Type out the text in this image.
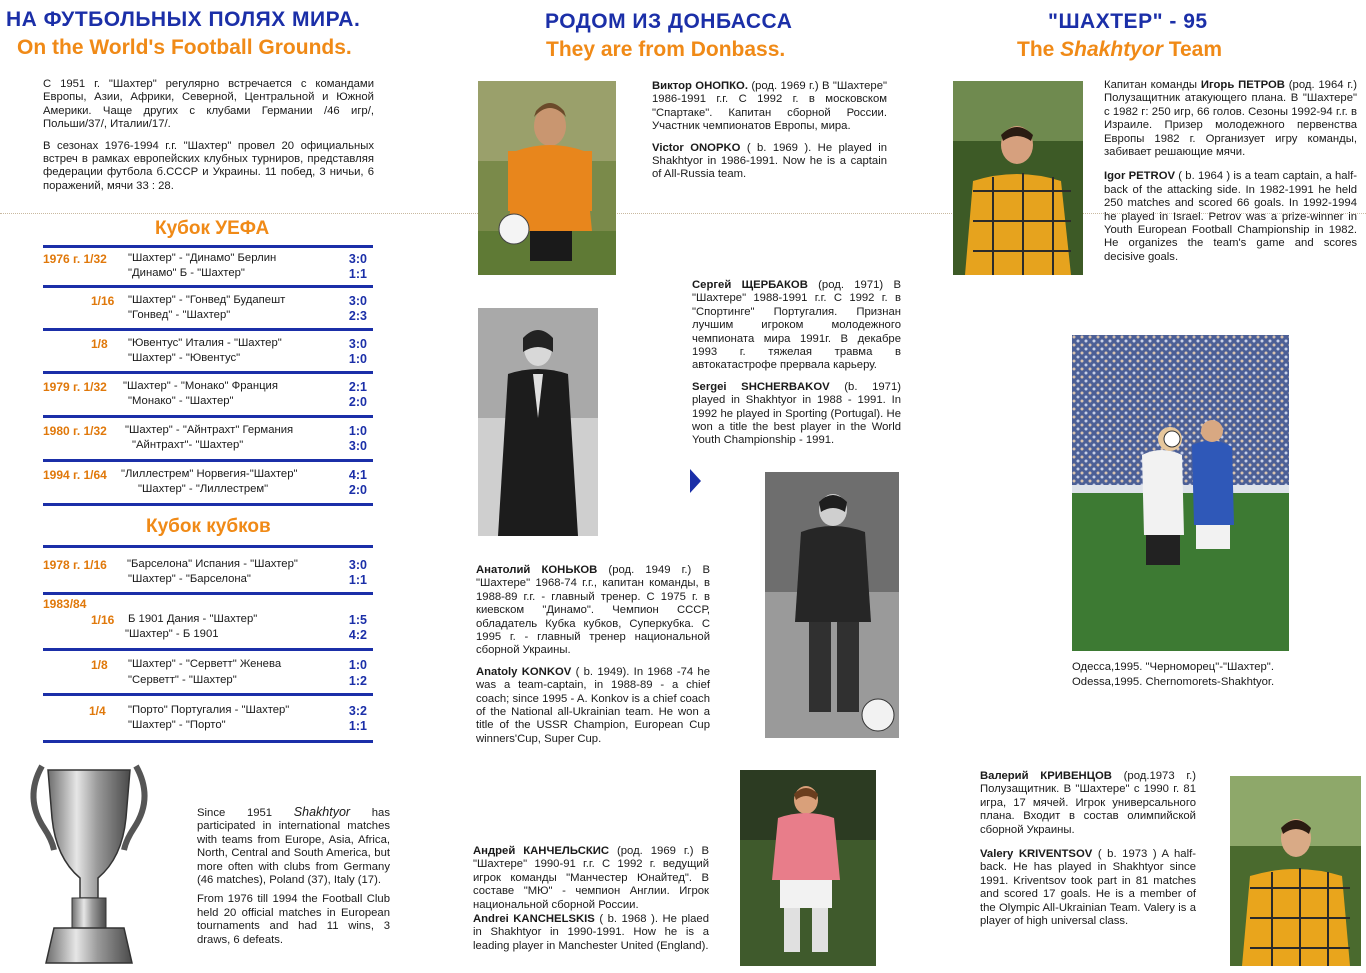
НА ФУТБОЛЬНЫХ ПОЛЯХ МИРА.
On the World's Football Grounds.

С 1951 г. "Шахтер" регулярно встречается с командами Европы, Азии, Африки, Северной, Центральной и Южной Америки. Чаще других с клубами Германии /46 игр/, Польши/37/, Италии/17/.

В сезонах 1976-1994 г.г. "Шахтер" провел 20 официальных встреч в рамках европейских клубных турниров, представляя федерации футбола б.СССР и Украины. 11 побед, 3 ничьи, 6 поражений, мячи 33 : 28.

Кубок УЕФА
1976 г. 1/32 "Шахтер" - "Динамо" Берлин	3:0
"Динамо" Б - "Шахтер"	1:1
1/16 "Шахтер" - "Гонвед" Будапешт	3:0
"Гонвед" - "Шахтер"	2:3
1/8 "Ювентус" Италия - "Шахтер"	3:0
"Шахтер" - "Ювентус"	1:0
1979 г. 1/32 "Шахтер" - "Монако" Франция	2:1
"Монако" - "Шахтер"	2:0
1980 г. 1/32 "Шахтер" - "Айнтрахт" Германия	1:0
"Айнтрахт"- "Шахтер"	3:0
1994 г. 1/64 "Лиллестрем" Норвегия-"Шахтер"	4:1
"Шахтер" - "Лиллестрем"	2:0
Кубок кубков
1978 г. 1/16 "Барселона" Испания - "Шахтер"	3:0
"Шахтер" - "Барселона"	1:1
1983/84
1/16 Б 1901 Дания - "Шахтер"	1:5
"Шахтер" - Б 1901	4:2
1/8 "Шахтер" - "Серветт" Женева	1:0
"Серветт" - "Шахтер"	1:2
1/4 "Порто" Португалия - "Шахтер"	3:2
"Шахтер" - "Порто"	1:1

Since 1951 Shakhtyor has participated in international matches with teams from Europe, Asia, Africa, North, Central and South America, but more often with clubs from Germany (46 matches), Poland (37), Italy (17).

From 1976 till 1994 the Football Club held 20 official matches in European tournaments and had 11 wins, 3 draws, 6 defeats.

РОДОМ ИЗ ДОНБАССА
They are from Donbass.

Виктор ОНОПКО. (род. 1969 г.) В "Шахтере" 1986-1991 г.г. С 1992 г. в московском "Спартаке". Капитан сборной России. Участник чемпионатов Европы, мира.

Victor ONOPKO ( b. 1969 ). He played in Shakhtyor in 1986-1991. Now he is a captain of All-Russia team.

Сергей ЩЕРБАКОВ (род. 1971) В "Шахтере" 1988-1991 г.г. С 1992 г. в "Спортинге" Португалия. Признан лучшим игроком молодежного чемпионата мира 1991г. В декабре 1993 г. тяжелая травма в автокатастрофе прервала карьеру.

Sergei SHCHERBAKOV (b. 1971) played in Shakhtyor in 1988 - 1991. In 1992 he played in Sporting (Portugal). He won a title the best player in the World Youth Championship - 1991.

Анатолий КОНЬКОВ (род. 1949 г.) В "Шахтере" 1968-74 г.г., капитан команды, в 1988-89 г.г. - главный тренер. С 1975 г. в киевском "Динамо". Чемпион СССР, обладатель Кубка кубков, Суперкубка. С 1995 г. - главный тренер национальной сборной Украины.

Anatoly KONKOV ( b. 1949). In 1968 -74 he was a team-captain, in 1988-89 - a chief coach; since 1995 - A. Konkov is a chief coach of the National all-Ukrainian team. He won a title of the USSR Champion, European Cup winners'Cup, Super Cup.

Андрей КАНЧЕЛЬСКИС (род. 1969 г.) В "Шахтере" 1990-91 г.г. С 1992 г. ведущий игрок команды "Манчестер Юнайтед". В составе "МЮ" - чемпион Англии. Игрок национальной сборной России.

Andrei KANCHELSKIS ( b. 1968 ). He plaed in Shakhtyor in 1990-1991. How he is a leading player in Manchester United (England).

"ШАХТЕР" - 95
The Shakhtyor Team

Капитан команды Игорь ПЕТРОВ (род. 1964 г.) Полузащитник атакующего плана. В "Шахтере" с 1982 г: 250 игр, 66 голов. Сезоны 1992-94 г.г. в Израиле. Призер молодежного первенства Европы 1982 г. Организует игру команды, забивает решающие мячи.

Igor PETROV ( b. 1964 ) is a team captain, a half-back of the attacking side. In 1982-1991 he held 250 matches and scored 66 goals. In 1992-1994 he played in Israel. Petrov was a prize-winner in Youth European Football Championship in 1982. He organizes the team's game and scores decisive goals.

Одесса,1995. "Черноморец"-"Шахтер".
Odessa,1995. Chernomorets-Shakhtyor.

Валерий КРИВЕНЦОВ (род.1973 г.) Полузащитник. В "Шахтере" с 1990 г. 81 игра, 17 мячей. Игрок универсального плана. Входит в состав олимпийской сборной Украины.

Valery KRIVENTSOV ( b. 1973 ) A half-back. He has played in Shakhtyor since 1991. Kriventsov took part in 81 matches and scored 17 goals. He is a member of the Olympic All-Ukrainian Team. Valery is a player of high universal class.
